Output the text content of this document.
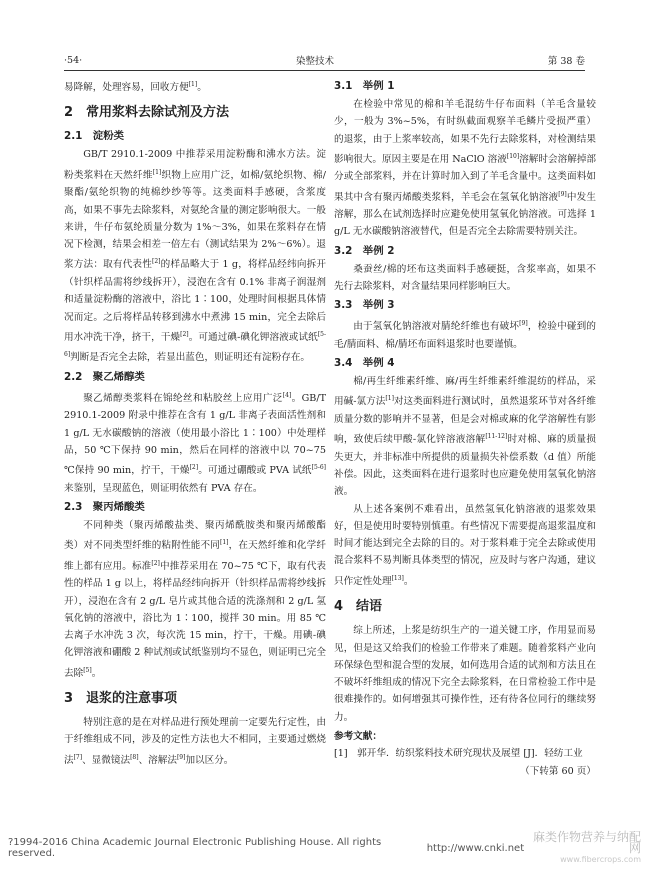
·54·	染整技术	第 38 卷

易降解，处理容易，回收方便[1]。

2　常用浆料去除试剂及方法
2.1　淀粉类

GB/T 2910.1-2009 中推荐采用淀粉酶和沸水方法。淀粉类浆料在天然纤维[1]织物上应用广泛，如棉/氨纶织物、棉/聚酯/氨纶织物的纯棉纱纱等等。这类面料手感硬，含浆度高，如果不事先去除浆料，对氨纶含量的测定影响很大。一般来讲，牛仔布氨纶质量分数为 1%～3%，如果在浆料存在情况下检测，结果会相差一倍左右（测试结果为 2%～6%）。退浆方法：取有代表性[2]的样品略大于 1 g，将样品经纬向拆开（针织样品需将纱线拆开），浸泡在含有 0.1% 非离子润湿剂和适量淀粉酶的溶液中，浴比 1∶100，处理时间根据具体情况而定。之后将样品转移到沸水中煮沸 15 min，完全去除后用水冲洗干净，挤干，干燥[2]。可通过碘-碘化钾溶液或试纸[5-6]判断是否完全去除，若显出蓝色，则证明还有淀粉存在。

2.2　聚乙烯醇类

聚乙烯醇类浆料在锦纶丝和粘胶丝上应用广泛[4]。GB/T 2910.1-2009 附录中推荐在含有 1 g/L 非离子表面活性剂和 1 g/L 无水碳酸钠的溶液（使用最小浴比 1∶100）中处理样品，50 ℃下保持 90 min，然后在同样的溶液中以 70~75 ℃保持 90 min，拧干，干燥[2]。可通过硼酸或 PVA 试纸[5-6]来鉴别，呈现蓝色，则证明依然有 PVA 存在。

2.3　聚丙烯酸类

不同种类（聚丙烯酸盐类、聚丙烯酰胺类和聚丙烯酸酯类）对不同类型纤维的粘附性能不同[1]，在天然纤维和化学纤维上都有应用。标准[2]中推荐采用在 70~75 ℃下，取有代表性的样品 1 g 以上，将样品经纬向拆开（针织样品需将纱线拆开），浸泡在含有 2 g/L 皂片或其他合适的洗涤剂和 2 g/L 氢氧化钠的溶液中，浴比为 1∶100，搅拌 30 min。用 85 ℃去离子水冲洗 3 次，每次洗 15 min，拧干，干燥。用碘-碘化钾溶液和硼酸 2 种试剂或试纸鉴别均不显色，则证明已完全去除[5]。

3　退浆的注意事项

特别注意的是在对样品进行预处理前一定要先行定性，由于纤维组成不同，涉及的定性方法也大不相同，主要通过燃烧法[7]、显微镜法[8]、溶解法[9]加以区分。

3.1　举例 1

在检验中常见的棉和羊毛混纺牛仔布面料（羊毛含量较少，一般为 3%~5%，有时纵截面观察羊毛鳞片受损严重）的退浆，由于上浆率较高，如果不先行去除浆料，对检测结果影响很大。原因主要是在用 NaClO 溶液[10]溶解时会溶解掉部分或全部浆料，并在计算时加入到了羊毛含量中。这类面料如果其中含有聚丙烯酸类浆料，羊毛会在氢氧化钠溶液[9]中发生溶解，那么在试剂选择时应避免使用氢氧化钠溶液。可选择 1 g/L 无水碳酸钠溶液替代，但是否完全去除需要特别关注。

3.2　举例 2

桑蚕丝/棉的坯布这类面料手感硬挺，含浆率高，如果不先行去除浆料，对含量结果同样影响巨大。

3.3　举例 3

由于氢氧化钠溶液对腈纶纤维也有破坏[9]，检验中碰到的毛/腈面料、棉/腈坯布面料退浆时也要谨慎。

3.4　举例 4

棉/再生纤维素纤维、麻/再生纤维素纤维混纺的样品，采用碱-氯方法[1]对这类面料进行测试时，虽然退浆环节对各纤维质量分数的影响并不显著，但是会对棉或麻的化学溶解性有影响，致使后续甲酸-氯化锌溶液溶解[11-12]时对棉、麻的质量损失更大，并非标准中所提供的质量损失补偿系数（d 值）所能补偿。因此，这类面料在进行退浆时也应避免使用氢氧化钠溶液。

从上述各案例不难看出，虽然氢氧化钠溶液的退浆效果好，但是使用时要特别慎重。有些情况下需要提高退浆温度和时间才能达到完全去除的目的。对于浆料难于完全去除或使用混合浆料不易判断具体类型的情况，应及时与客户沟通，建议只作定性处理[13]。

4　结语

综上所述，上浆是纺织生产的一道关键工序，作用显而易见，但是这又给我们的检验工作带来了难题。随着浆料产业向环保绿色型和混合型的发展，如何选用合适的试剂和方法且在不破坏纤维组成的情况下完全去除浆料，在日常检验工作中是很难操作的。如何增强其可操作性，还有待各位同行的继续努力。

参考文献：

[1]　郭开华．纺织浆料技术研究现状及展望 [J]．轻纺工业

（下转第 60 页）

?1994-2016 China Academic Journal Electronic Publishing House. All rights reserved.	http://www.cnki.net
麻类作物营养与纳配网
www.fibercrops.com
